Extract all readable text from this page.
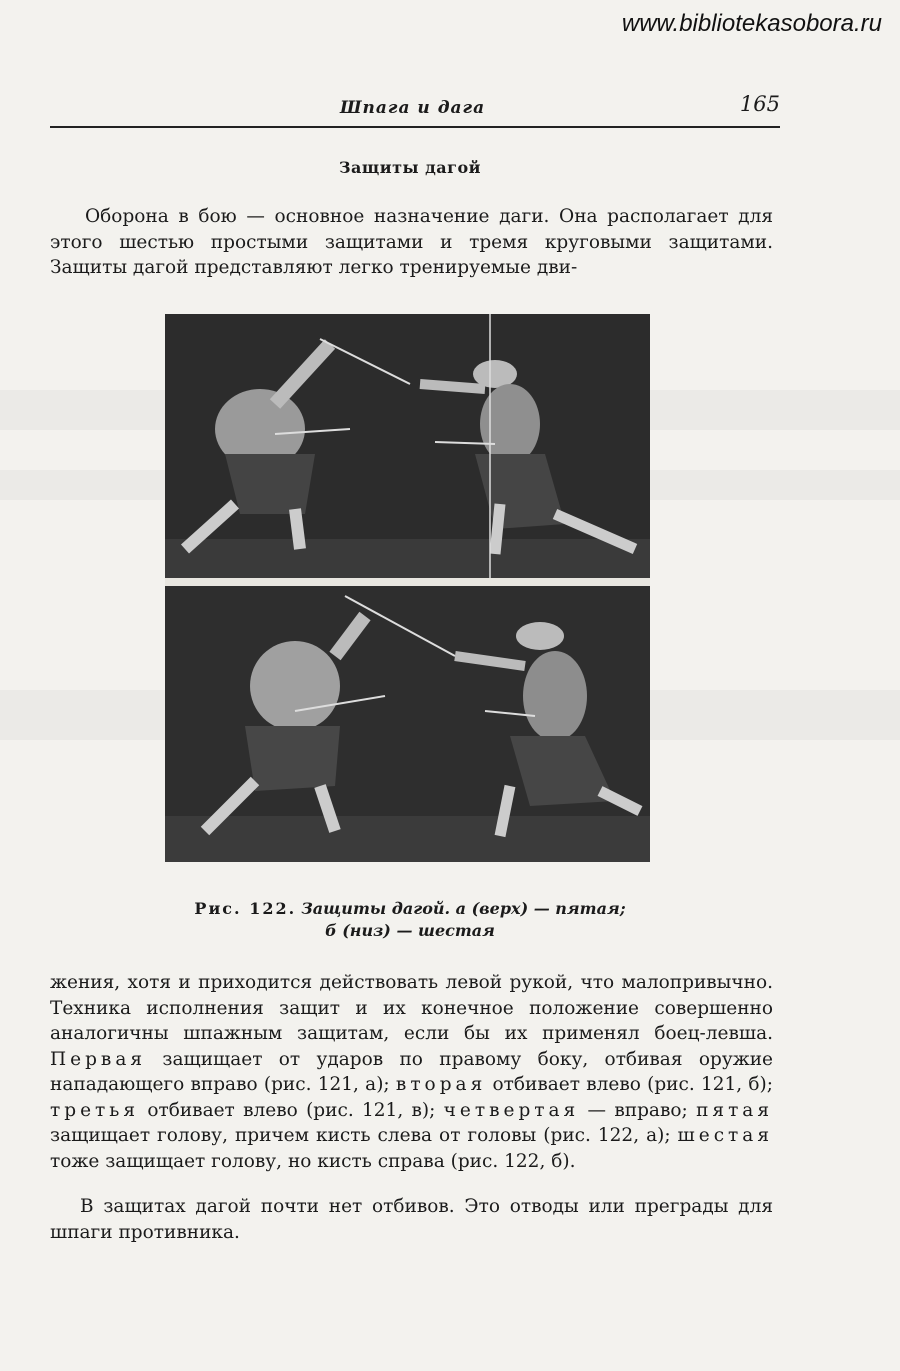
www.bibliotekasobora.ru
Шпага и дага	165
Защиты дагой

Оборона в бою — основное назначение даги. Она располагает для этого шестью простыми защитами и тремя круговыми защитами. Защиты дагой представляют легко тренируемые дви-

Рис. 122. Защиты дагой. а (верх) — пятая;
б (низ) — шестая

жения, хотя и приходится действовать левой рукой, что малопривычно. Техника исполнения защит и их конечное положение совершенно аналогичны шпажным защитам, если бы их применял боец-левша. Первая защищает от ударов по правому боку, отбивая оружие нападающего вправо (рис. 121, а); вторая отбивает влево (рис. 121, б); третья отбивает влево (рис. 121, в); четвертая — вправо; пятая защищает голову, причем кисть слева от головы (рис. 122, а); шестая тоже защищает голову, но кисть справа (рис. 122, б).

В защитах дагой почти нет отбивов. Это отводы или преграды для шпаги противника.
